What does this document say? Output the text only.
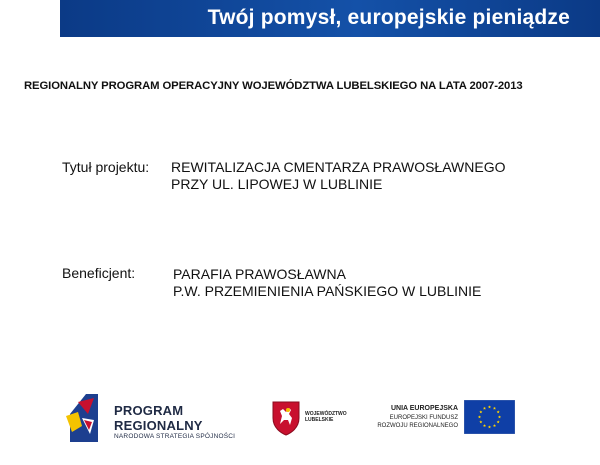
Twój pomysł, europejskie pieniądze
REGIONALNY PROGRAM OPERACYJNY WOJEWÓDZTWA LUBELSKIEGO NA LATA 2007-2013
Tytuł projektu: REWITALIZACJA CMENTARZA PRAWOSŁAWNEGO
PRZY UL. LIPOWEJ W LUBLINIE
Beneficjent:	PARAFIA PRAWOSŁAWNA
P.W. PRZEMIENIENIA PAŃSKIEGO W LUBLINIE
PROGRAM
REGIONALNY
NARODOWA STRATEGIA SPÓJNOŚCI
WOJEWÓDZTWO
LUBELSKIE
UNIA EUROPEJSKA
EUROPEJSKI FUNDUSZ
ROZWOJU REGIONALNEGO
